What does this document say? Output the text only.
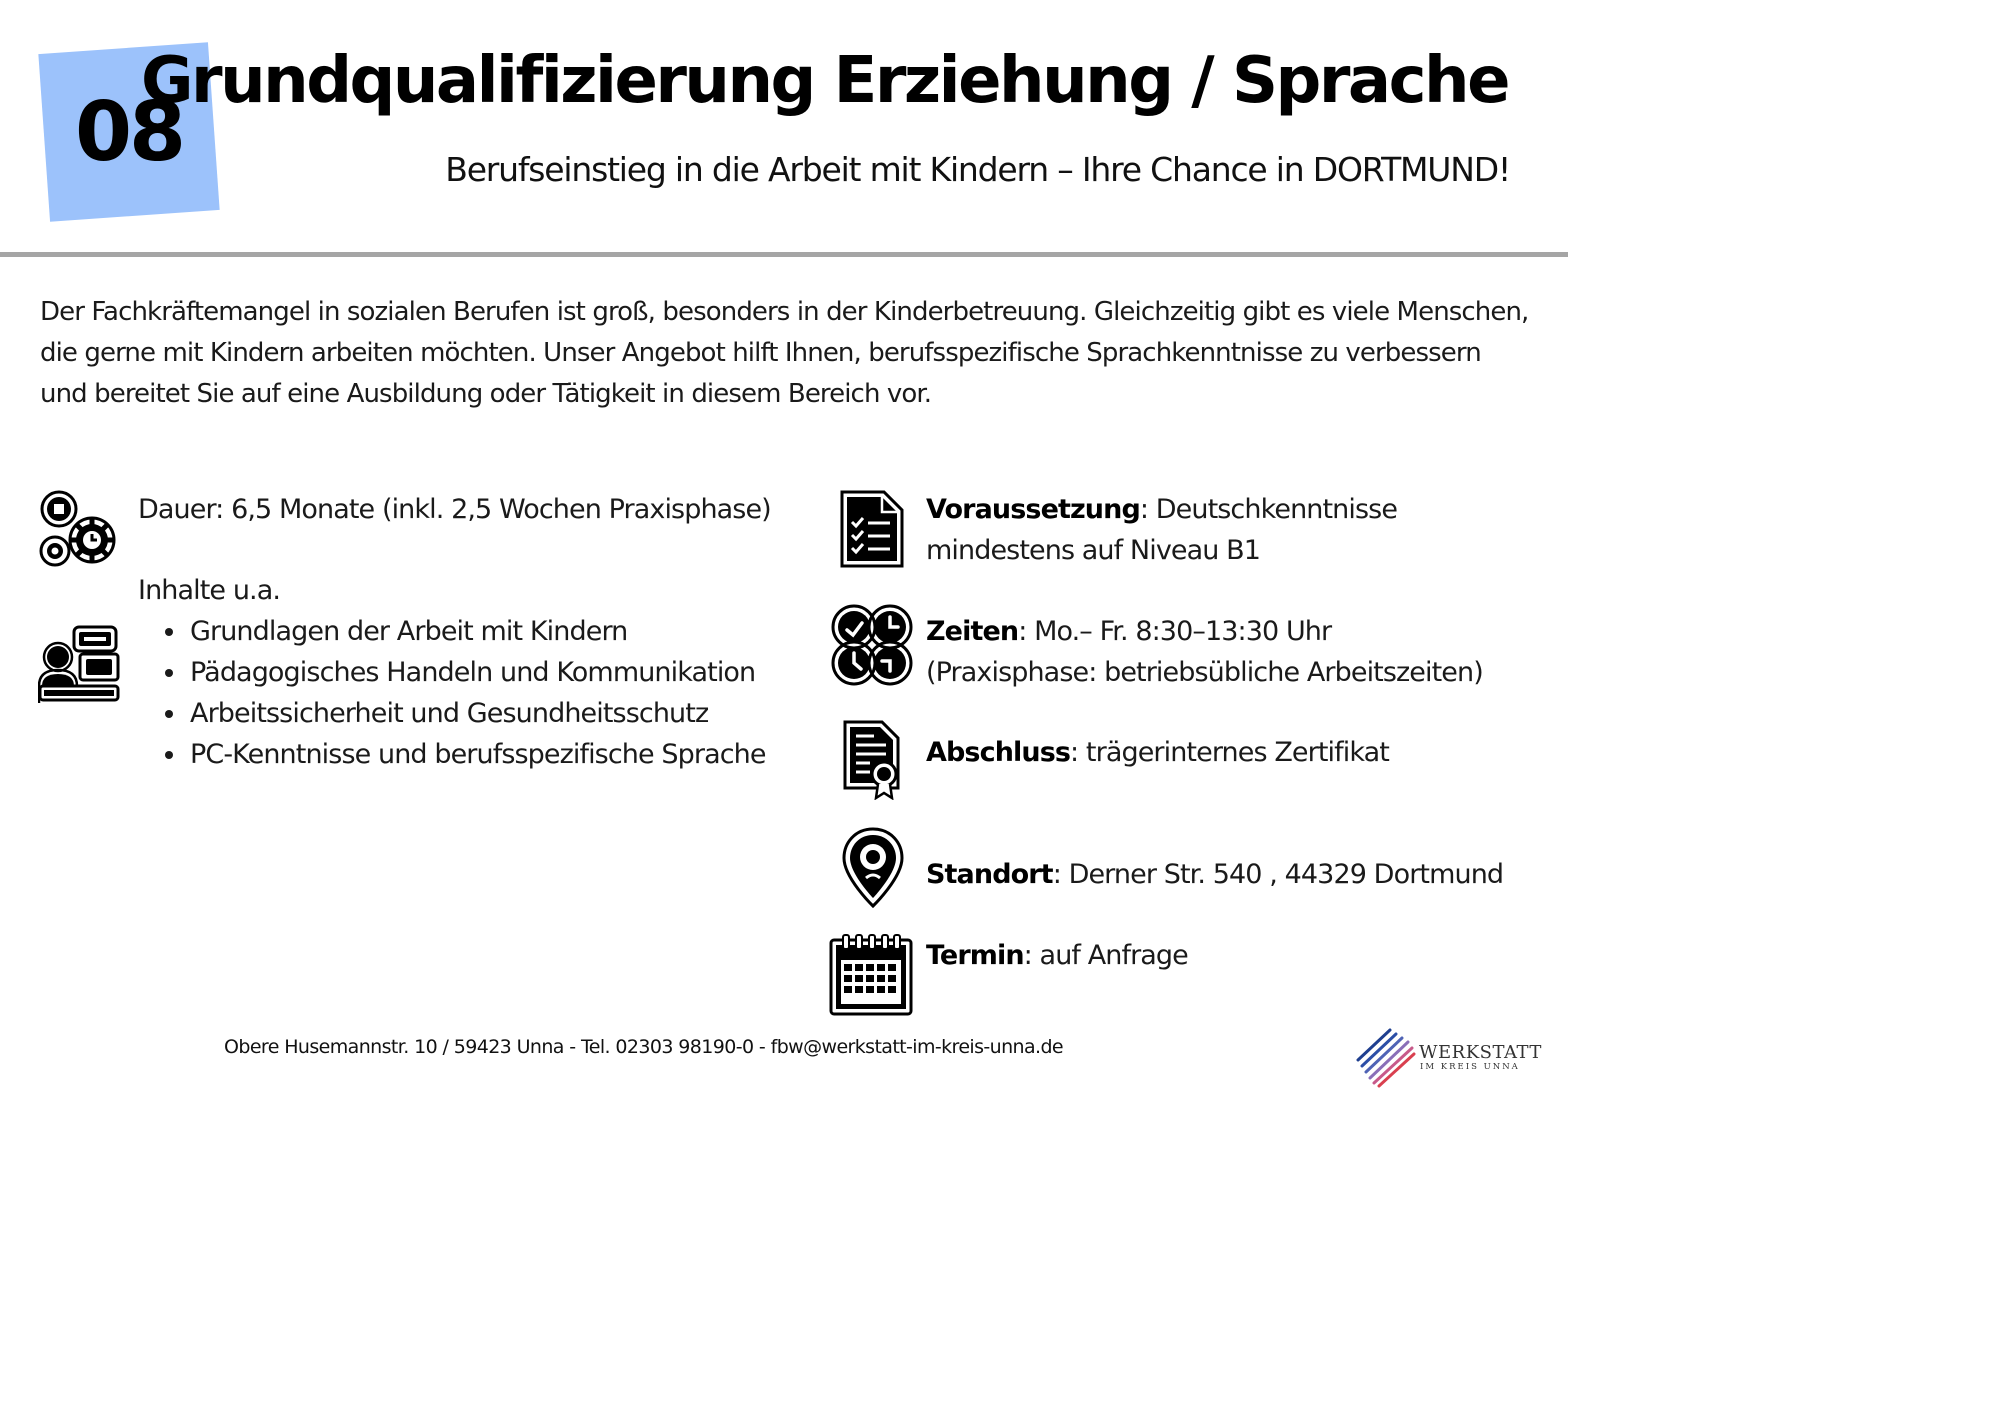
08
Grundqualifizierung Erziehung / Sprache
Berufseinstieg in die Arbeit mit Kindern – Ihre Chance in DORTMUND!
Der Fachkräftemangel in sozialen Berufen ist groß, besonders in der Kinderbetreuung. Gleichzeitig gibt es viele Menschen, die gerne mit Kindern arbeiten möchten. Unser Angebot hilft Ihnen, berufsspezifische Sprachkenntnisse zu verbessern und bereitet Sie auf eine Ausbildung oder Tätigkeit in diesem Bereich vor.
Dauer: 6,5 Monate (inkl. 2,5 Wochen Praxisphase)
Inhalte u.a.
• Grundlagen der Arbeit mit Kindern
• Pädagogisches Handeln und Kommunikation
• Arbeitssicherheit und Gesundheitsschutz
• PC-Kenntnisse und berufsspezifische Sprache
Voraussetzung: Deutschkenntnisse mindestens auf Niveau B1
Zeiten: Mo.– Fr. 8:30–13:30 Uhr (Praxisphase: betriebsübliche Arbeitszeiten)
Abschluss: trägerinternes Zertifikat
Standort: Derner Str. 540 , 44329 Dortmund
Termin: auf Anfrage
Obere Husemannstr. 10 / 59423 Unna - Tel. 02303 98190-0 - fbw@werkstatt-im-kreis-unna.de	WERKSTATT
IM KREIS UNNA
